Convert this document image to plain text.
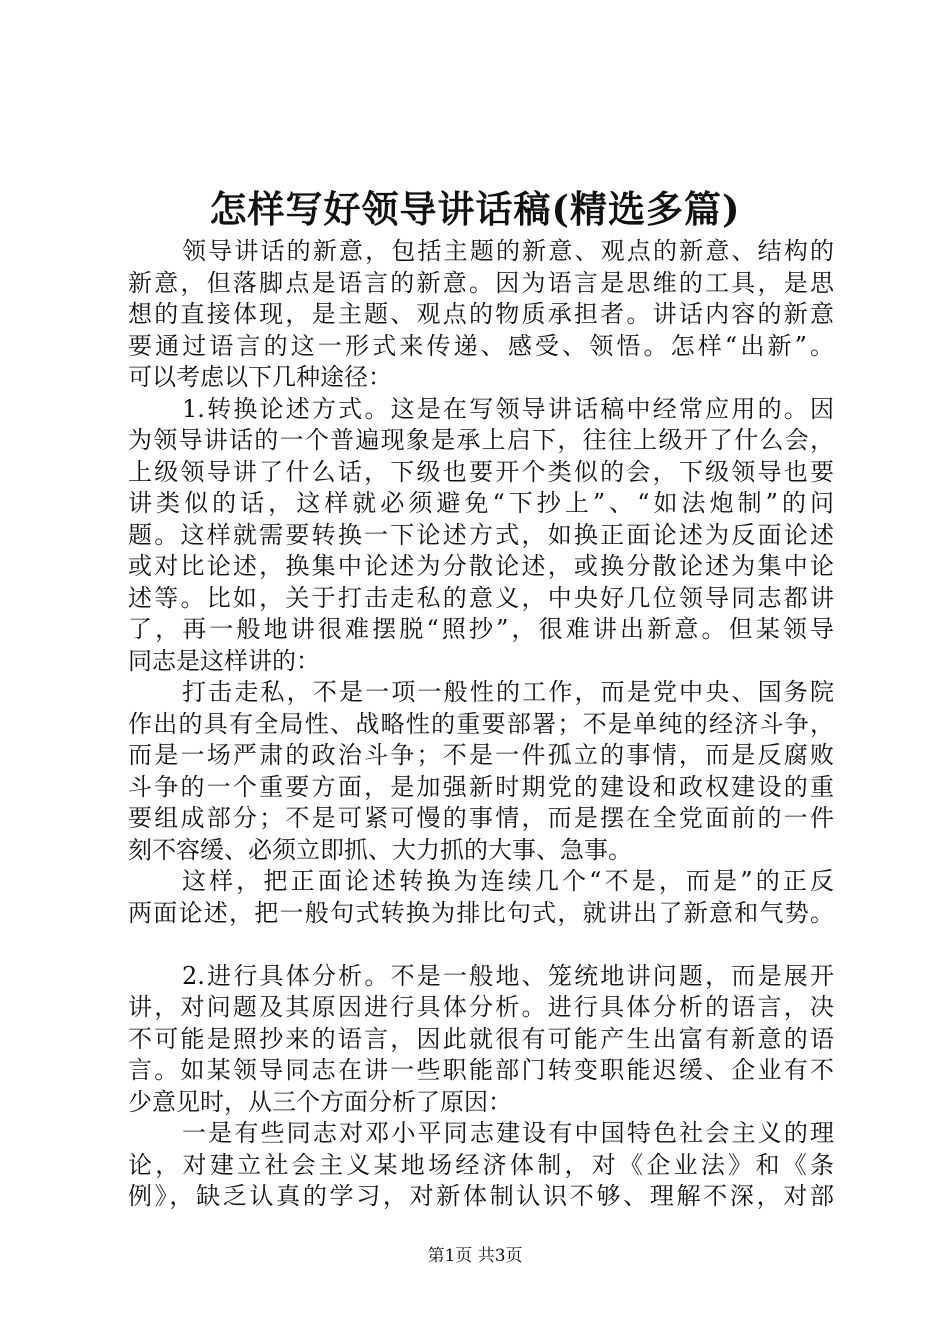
怎样写好领导讲话稿(精选多篇)
领导讲话的新意，包括主题的新意、观点的新意、结构的
新意，但落脚点是语言的新意。因为语言是思维的工具，是思
想的直接体现，是主题、观点的物质承担者。讲话内容的新意
要通过语言的这一形式来传递、感受、领悟。怎样“出新”。
可以考虑以下几种途径：
1.转换论述方式。这是在写领导讲话稿中经常应用的。因
为领导讲话的一个普遍现象是承上启下，往往上级开了什么会，
上级领导讲了什么话，下级也要开个类似的会，下级领导也要
讲类似的话，这样就必须避免“下抄上”、“如法炮制”的问
题。这样就需要转换一下论述方式，如换正面论述为反面论述
或对比论述，换集中论述为分散论述，或换分散论述为集中论
述等。比如，关于打击走私的意义，中央好几位领导同志都讲
了，再一般地讲很难摆脱“照抄”，很难讲出新意。但某领导
同志是这样讲的：
打击走私，不是一项一般性的工作，而是党中央、国务院
作出的具有全局性、战略性的重要部署；不是单纯的经济斗争，
而是一场严肃的政治斗争；不是一件孤立的事情，而是反腐败
斗争的一个重要方面，是加强新时期党的建设和政权建设的重
要组成部分；不是可紧可慢的事情，而是摆在全党面前的一件
刻不容缓、必须立即抓、大力抓的大事、急事。
这样，把正面论述转换为连续几个“不是，而是”的正反
两面论述，把一般句式转换为排比句式，就讲出了新意和气势。
2.进行具体分析。不是一般地、笼统地讲问题，而是展开
讲，对问题及其原因进行具体分析。进行具体分析的语言，决
不可能是照抄来的语言，因此就很有可能产生出富有新意的语
言。如某领导同志在讲一些职能部门转变职能迟缓、企业有不
少意见时，从三个方面分析了原因：
一是有些同志对邓小平同志建设有中国特色社会主义的理
论，对建立社会主义某地场经济体制，对《企业法》和《条
例》，缺乏认真的学习，对新体制认识不够、理解不深，对部
第1页 共3页
